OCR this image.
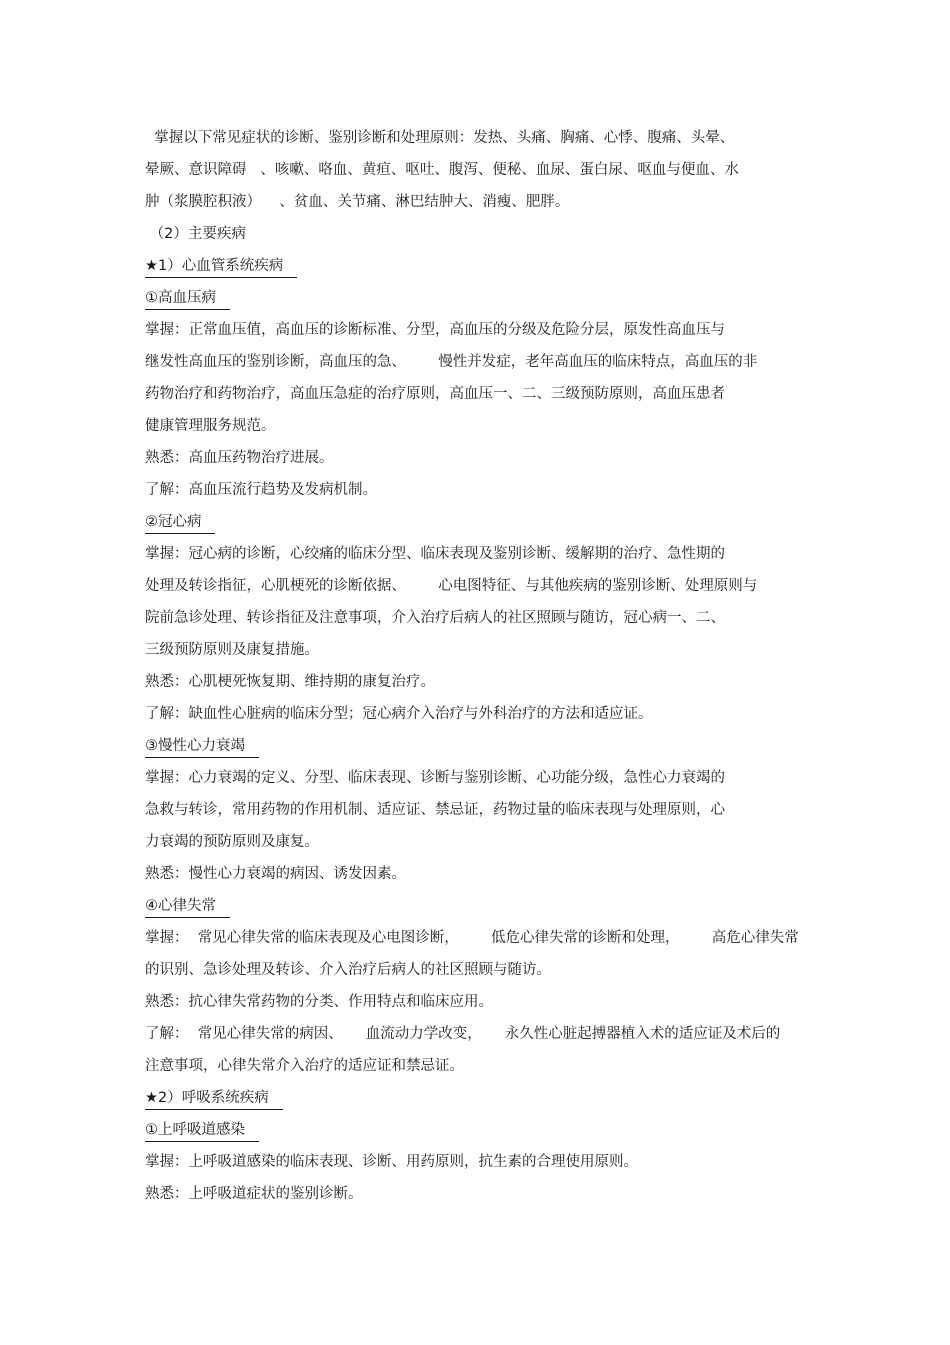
掌握以下常见症状的诊断、鉴别诊断和处理原则：发热、头痛、胸痛、心悸、腹痛、头晕、
晕厥、意识障碍   、咳嗽、咯血、黄疸、呕吐、腹泻、便秘、血尿、蛋白尿、呕血与便血、水
肿（浆膜腔积液）    、贫血、关节痛、淋巴结肿大、消瘦、肥胖。
（2）主要疾病
★1）心血管系统疾病
①高血压病
掌握：正常血压值，高血压的诊断标准、分型，高血压的分级及危险分层，原发性高血压与
继发性高血压的鉴别诊断，高血压的急、       慢性并发症，老年高血压的临床特点，高血压的非
药物治疗和药物治疗，高血压急症的治疗原则，高血压一、二、三级预防原则，高血压患者
健康管理服务规范。
熟悉：高血压药物治疗进展。
了解：高血压流行趋势及发病机制。
②冠心病
掌握：冠心病的诊断，心绞痛的临床分型、临床表现及鉴别诊断、缓解期的治疗、急性期的
处理及转诊指征，心肌梗死的诊断依据、       心电图特征、与其他疾病的鉴别诊断、处理原则与
院前急诊处理、转诊指征及注意事项，介入治疗后病人的社区照顾与随访，冠心病一、二、
三级预防原则及康复措施。
熟悉：心肌梗死恢复期、维持期的康复治疗。
了解：缺血性心脏病的临床分型；冠心病介入治疗与外科治疗的方法和适应证。
③慢性心力衰竭
掌握：心力衰竭的定义、分型、临床表现、诊断与鉴别诊断、心功能分级，急性心力衰竭的
急救与转诊，常用药物的作用机制、适应证、禁忌证，药物过量的临床表现与处理原则，心
力衰竭的预防原则及康复。
熟悉：慢性心力衰竭的病因、诱发因素。
④心律失常
掌握：  常见心律失常的临床表现及心电图诊断，       低危心律失常的诊断和处理，       高危心律失常
的识别、急诊处理及转诊、介入治疗后病人的社区照顾与随访。
熟悉：抗心律失常药物的分类、作用特点和临床应用。
了解：  常见心律失常的病因、     血流动力学改变，     永久性心脏起搏器植入术的适应证及术后的
注意事项，心律失常介入治疗的适应证和禁忌证。
★2）呼吸系统疾病
①上呼吸道感染
掌握：上呼吸道感染的临床表现、诊断、用药原则，抗生素的合理使用原则。
熟悉：上呼吸道症状的鉴别诊断。
